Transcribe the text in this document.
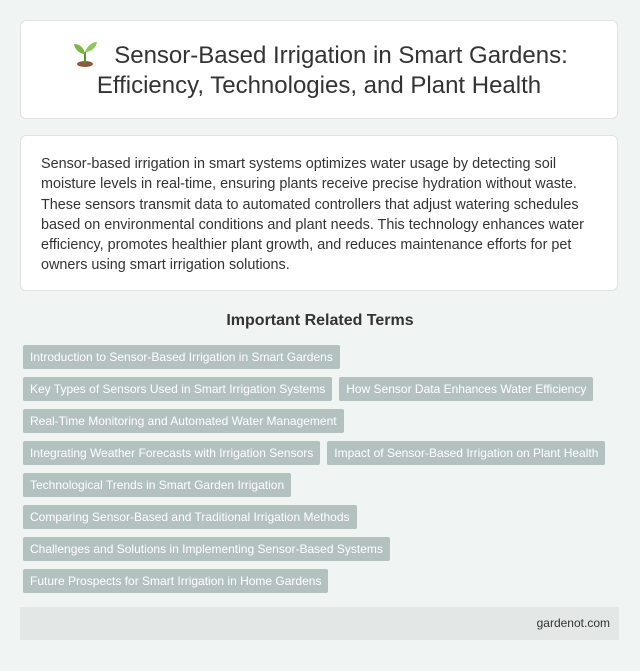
Sensor-Based Irrigation in Smart Gardens:
Efficiency, Technologies, and Plant Health

Sensor-based irrigation in smart systems optimizes water usage by detecting soil moisture levels in real-time, ensuring plants receive precise hydration without waste. These sensors transmit data to automated controllers that adjust watering schedules based on environmental conditions and plant needs. This technology enhances water efficiency, promotes healthier plant growth, and reduces maintenance efforts for pet owners using smart irrigation solutions.

Important Related Terms
Introduction to Sensor-Based Irrigation in Smart Gardens
Key Types of Sensors Used in Smart Irrigation Systems	How Sensor Data Enhances Water Efficiency
Real-Time Monitoring and Automated Water Management
Integrating Weather Forecasts with Irrigation Sensors	Impact of Sensor-Based Irrigation on Plant Health
Technological Trends in Smart Garden Irrigation
Comparing Sensor-Based and Traditional Irrigation Methods
Challenges and Solutions in Implementing Sensor-Based Systems
Future Prospects for Smart Irrigation in Home Gardens
gardenot.com
